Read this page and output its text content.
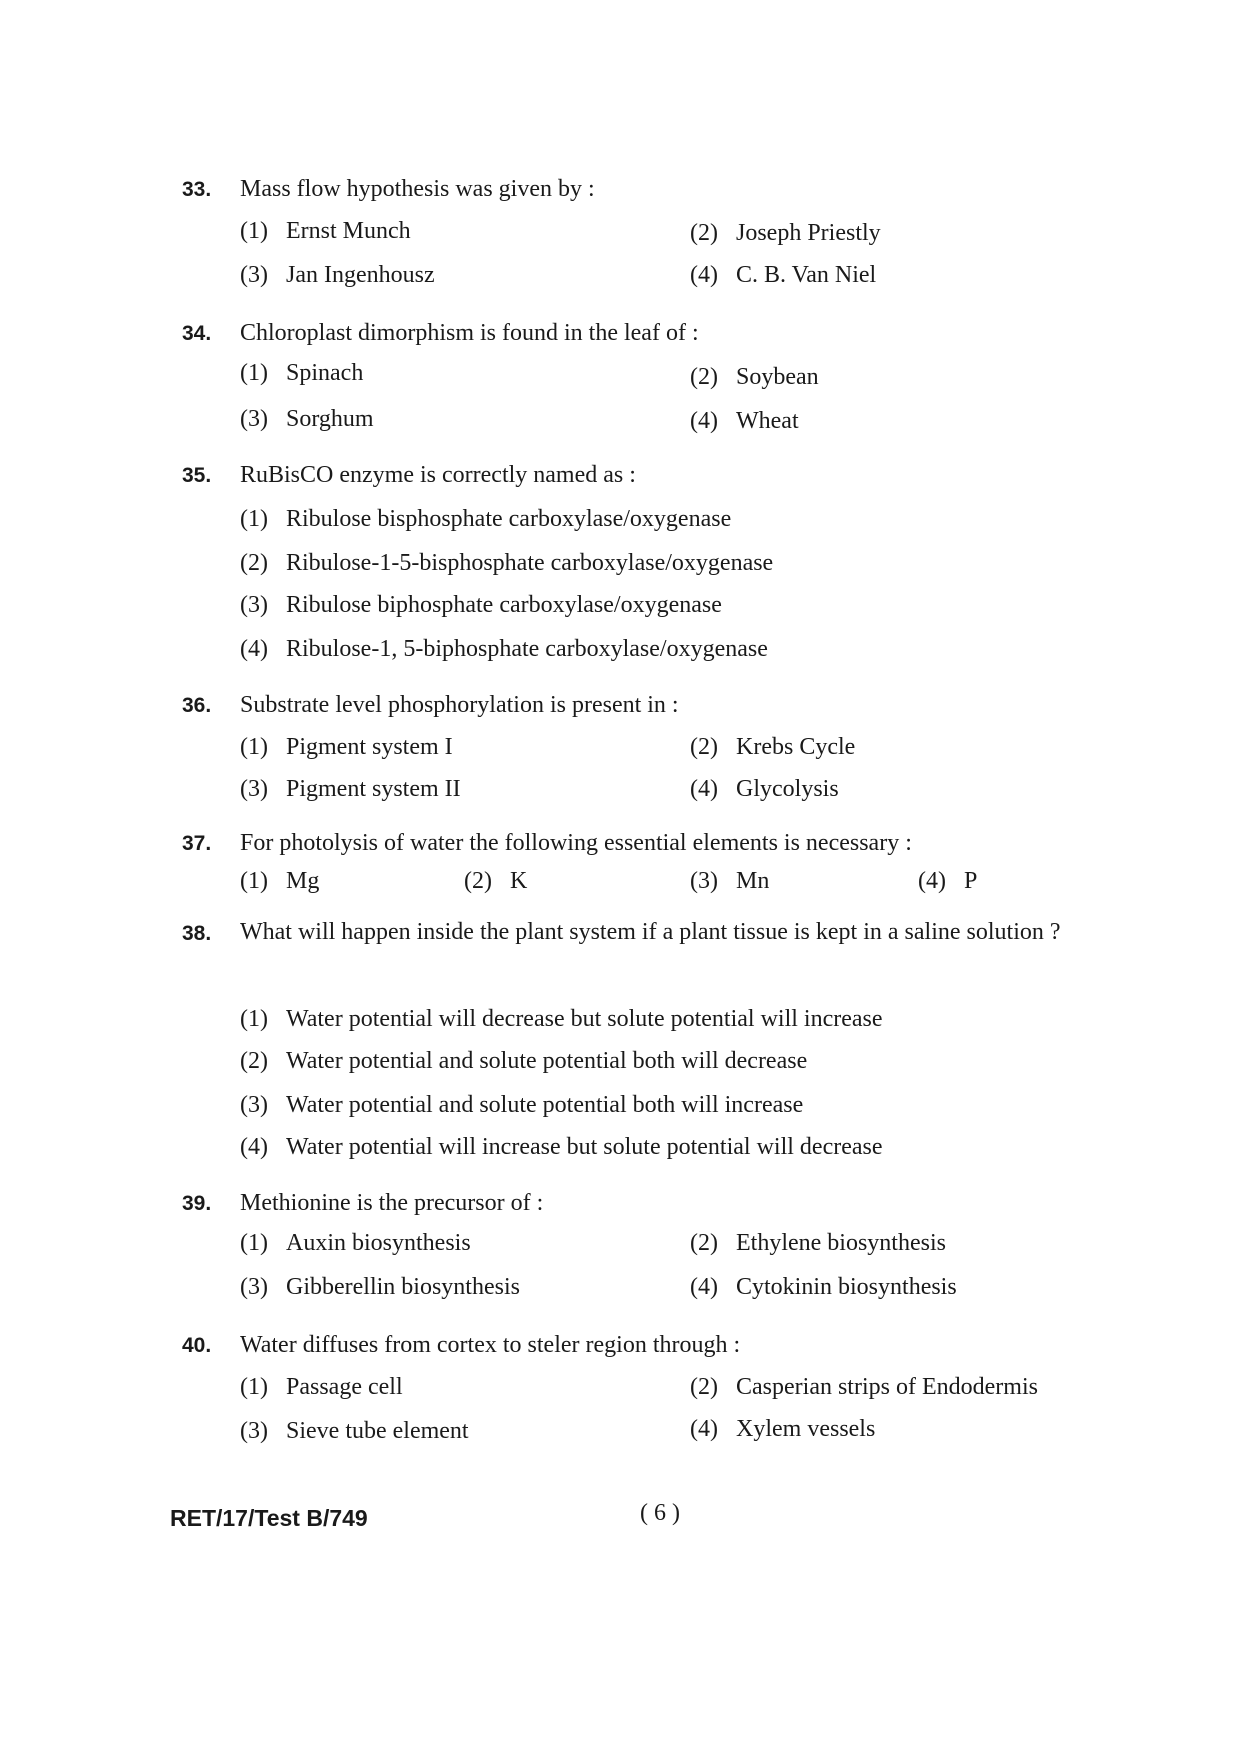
33. Mass flow hypothesis was given by :
(1) Ernst Munch	(2) Joseph Priestly
(3) Jan Ingenhousz	(4) C. B. Van Niel
34. Chloroplast dimorphism is found in the leaf of :
(1) Spinach	(2) Soybean
(3) Sorghum	(4) Wheat
35. RuBisCO enzyme is correctly named as :
(1) Ribulose bisphosphate carboxylase/oxygenase
(2) Ribulose-1-5-bisphosphate carboxylase/oxygenase
(3) Ribulose biphosphate carboxylase/oxygenase
(4) Ribulose-1, 5-biphosphate carboxylase/oxygenase
36. Substrate level phosphorylation is present in :
(1) Pigment system I	(2) Krebs Cycle
(3) Pigment system II	(4) Glycolysis
37. For photolysis of water the following essential elements is necessary :
(1) Mg	(2) K	(3) Mn	(4) P
38. What will happen inside the plant system if a plant tissue is kept in a saline solution ?
(1) Water potential will decrease but solute potential will increase
(2) Water potential and solute potential both will decrease
(3) Water potential and solute potential both will increase
(4) Water potential will increase but solute potential will decrease
39. Methionine is the precursor of :
(1) Auxin biosynthesis	(2) Ethylene biosynthesis
(3) Gibberellin biosynthesis	(4) Cytokinin biosynthesis
40. Water diffuses from cortex to steler region through :
(1) Passage cell	(2) Casperian strips of Endodermis
(3) Sieve tube element	(4) Xylem vessels
RET/17/Test B/749	( 6 )
